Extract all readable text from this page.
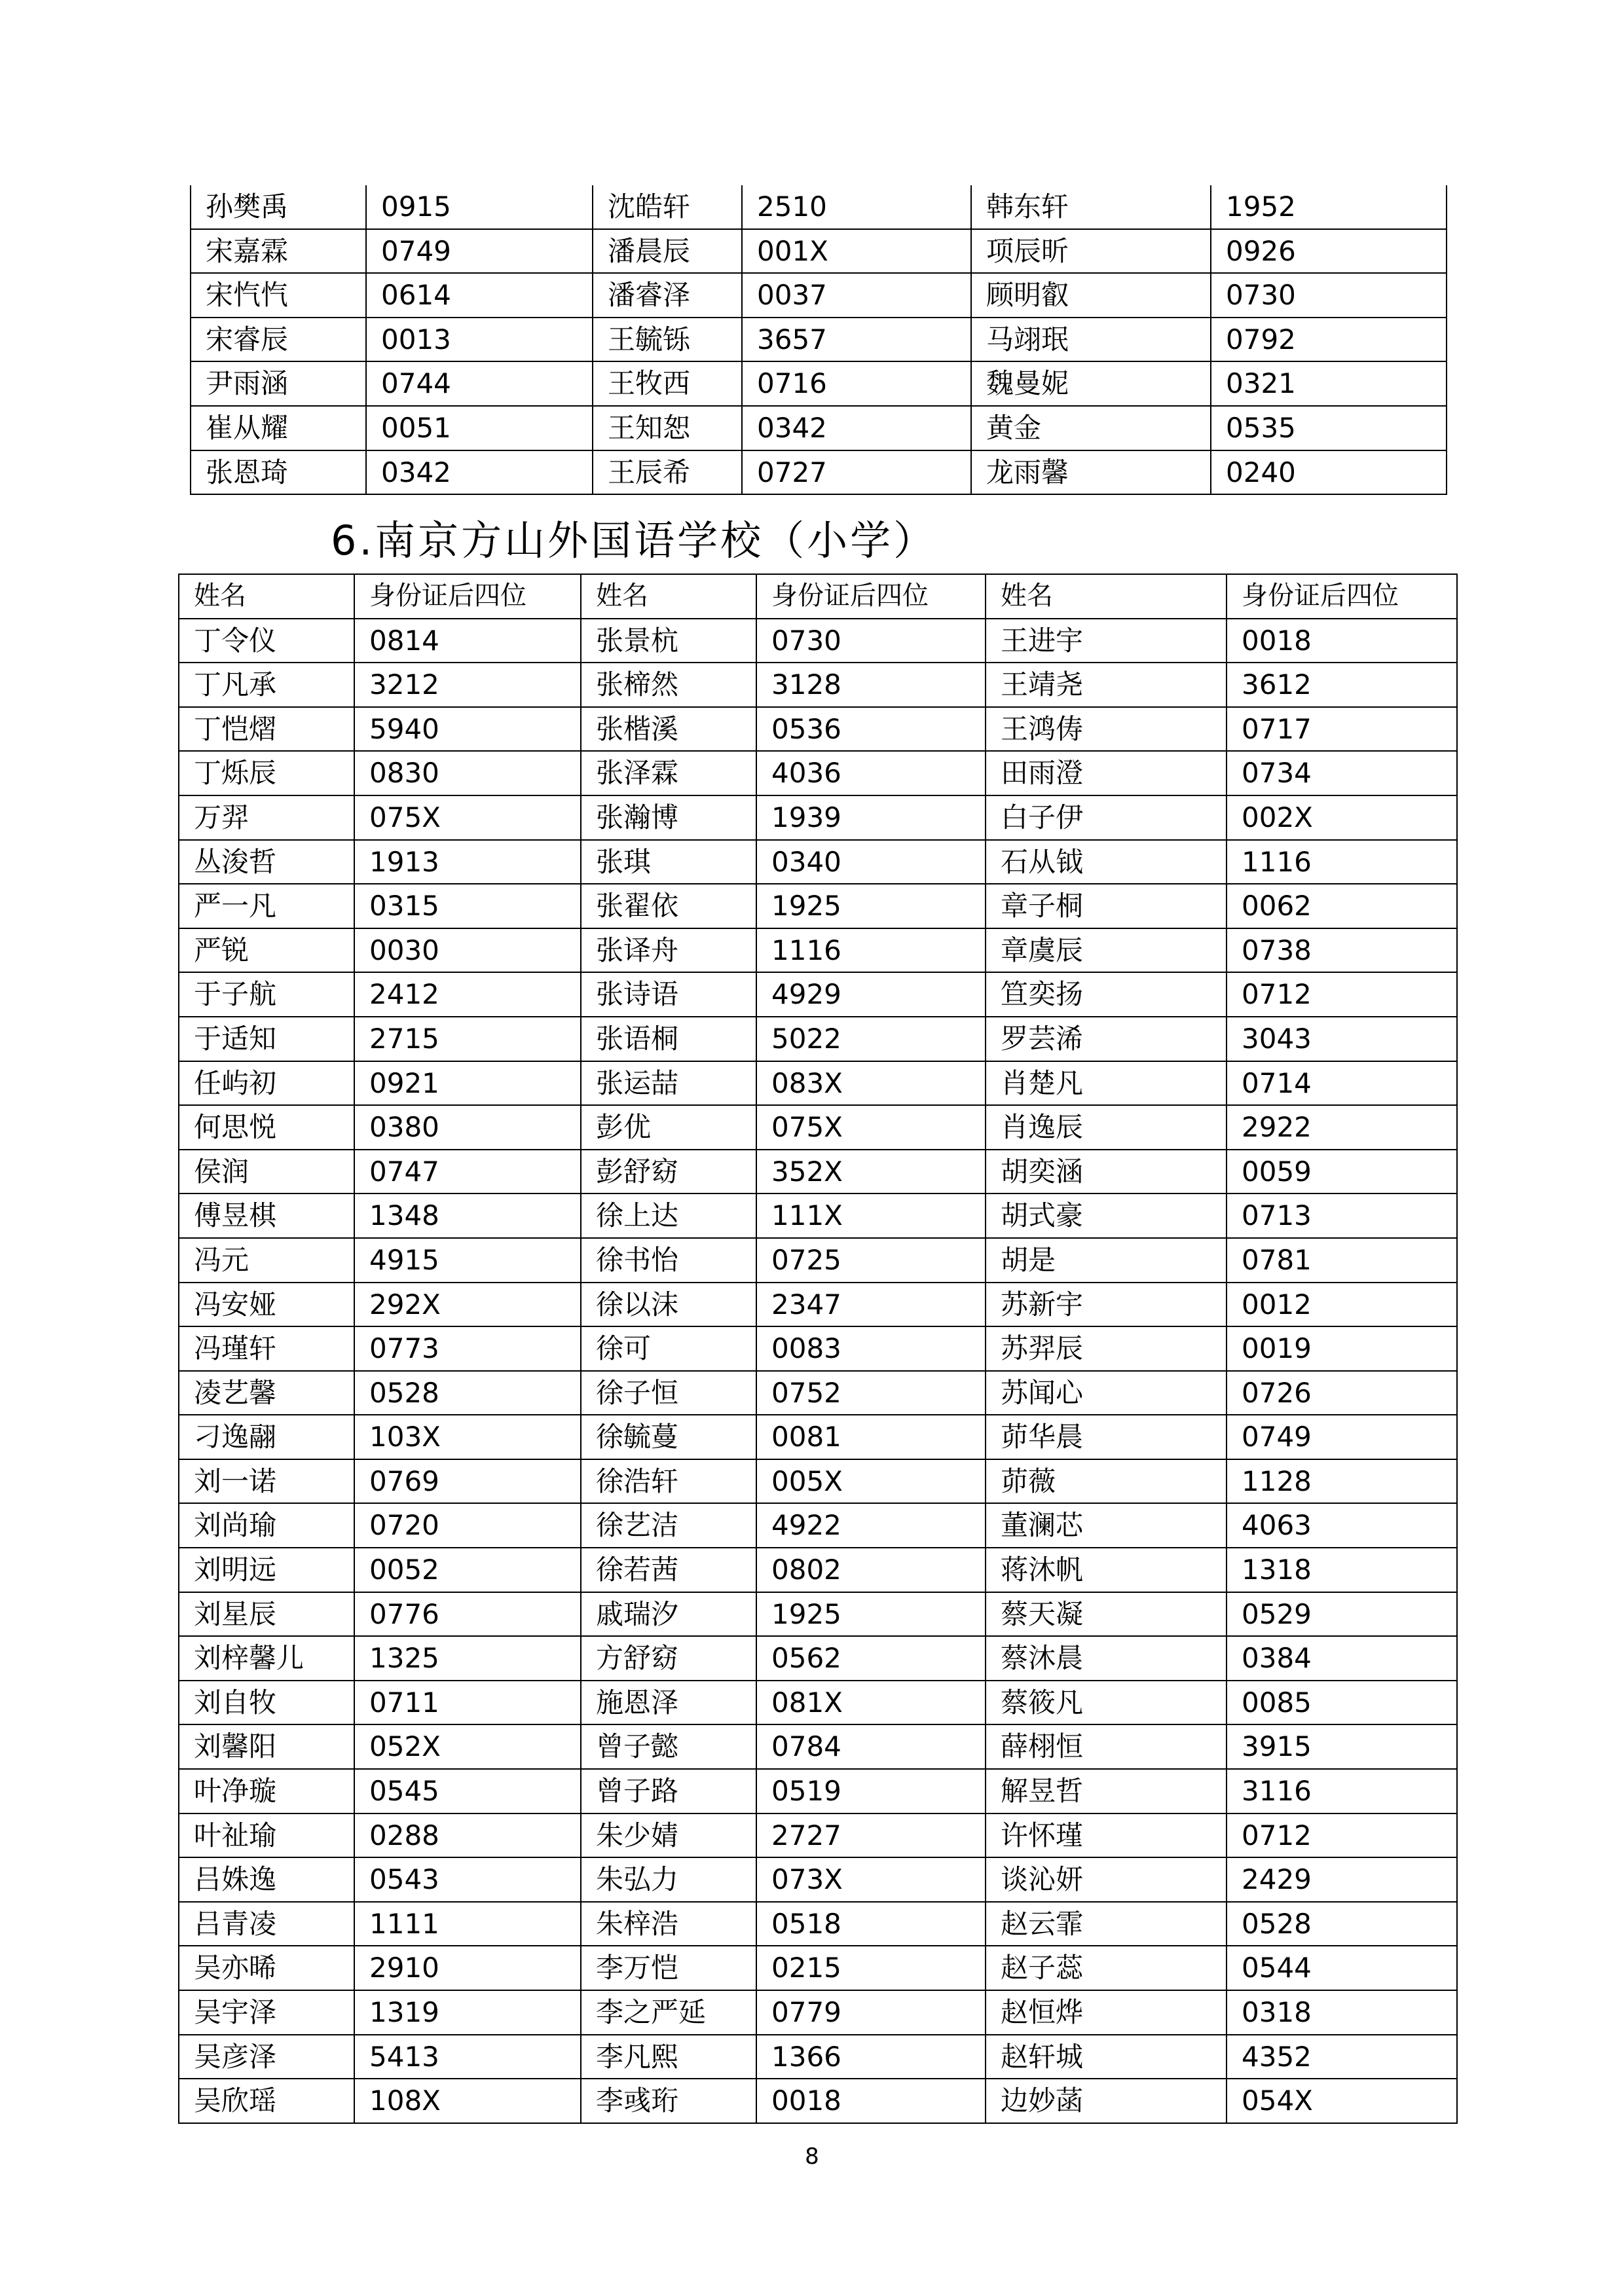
孙樊禹	0915	沈皓轩	2510	韩东轩	1952
宋嘉霖	0749	潘晨辰	001X	项辰昕	0926
宋忾忾	0614	潘睿泽	0037	顾明叡	0730
宋睿辰	0013	王毓铄	3657	马翊珉	0792
尹雨涵	0744	王牧西	0716	魏曼妮	0321
崔从耀	0051	王知恕	0342	黄金	0535
张恩琦	0342	王辰希	0727	龙雨馨	0240
6.南京方山外国语学校（小学）
姓名	身份证后四位	姓名	身份证后四位	姓名	身份证后四位
丁令仪	0814	张景杭	0730	王进宇	0018
丁凡承	3212	张楴然	3128	王靖尧	3612
丁恺熠	5940	张楷溪	0536	王鸿俦	0717
丁烁辰	0830	张泽霖	4036	田雨澄	0734
万羿	075X	张瀚博	1939	白子伊	002X
丛浚哲	1913	张琪	0340	石从钺	1116
严一凡	0315	张翟依	1925	章子桐	0062
严锐	0030	张译舟	1116	章虞辰	0738
于子航	2412	张诗语	4929	笪奕扬	0712
于适知	2715	张语桐	5022	罗芸浠	3043
任屿初	0921	张运喆	083X	肖楚凡	0714
何思悦	0380	彭优	075X	肖逸辰	2922
侯润	0747	彭舒窈	352X	胡奕涵	0059
傅昱棋	1348	徐上达	111X	胡式豪	0713
冯元	4915	徐书怡	0725	胡是	0781
冯安娅	292X	徐以沫	2347	苏新宇	0012
冯瑾轩	0773	徐可	0083	苏羿辰	0019
凌艺馨	0528	徐子恒	0752	苏闻心	0726
刁逸翮	103X	徐毓蔓	0081	茆华晨	0749
刘一诺	0769	徐浩轩	005X	茆薇	1128
刘尚瑜	0720	徐艺洁	4922	董澜芯	4063
刘明远	0052	徐若茜	0802	蒋沐帆	1318
刘星辰	0776	戚瑞汐	1925	蔡天凝	0529
刘梓馨儿	1325	方舒窈	0562	蔡沐晨	0384
刘自牧	0711	施恩泽	081X	蔡筱凡	0085
刘馨阳	052X	曾子懿	0784	薛栩恒	3915
叶净璇	0545	曾子路	0519	解昱哲	3116
叶祉瑜	0288	朱少婧	2727	许怀瑾	0712
吕姝逸	0543	朱弘力	073X	谈沁妍	2429
吕青凌	1111	朱梓浩	0518	赵云霏	0528
吴亦晞	2910	李万恺	0215	赵子蕊	0544
吴宇泽	1319	李之严延	0779	赵恒烨	0318
吴彦泽	5413	李凡熙	1366	赵轩城	4352
吴欣瑶	108X	李彧珩	0018	边妙菡	054X
8
